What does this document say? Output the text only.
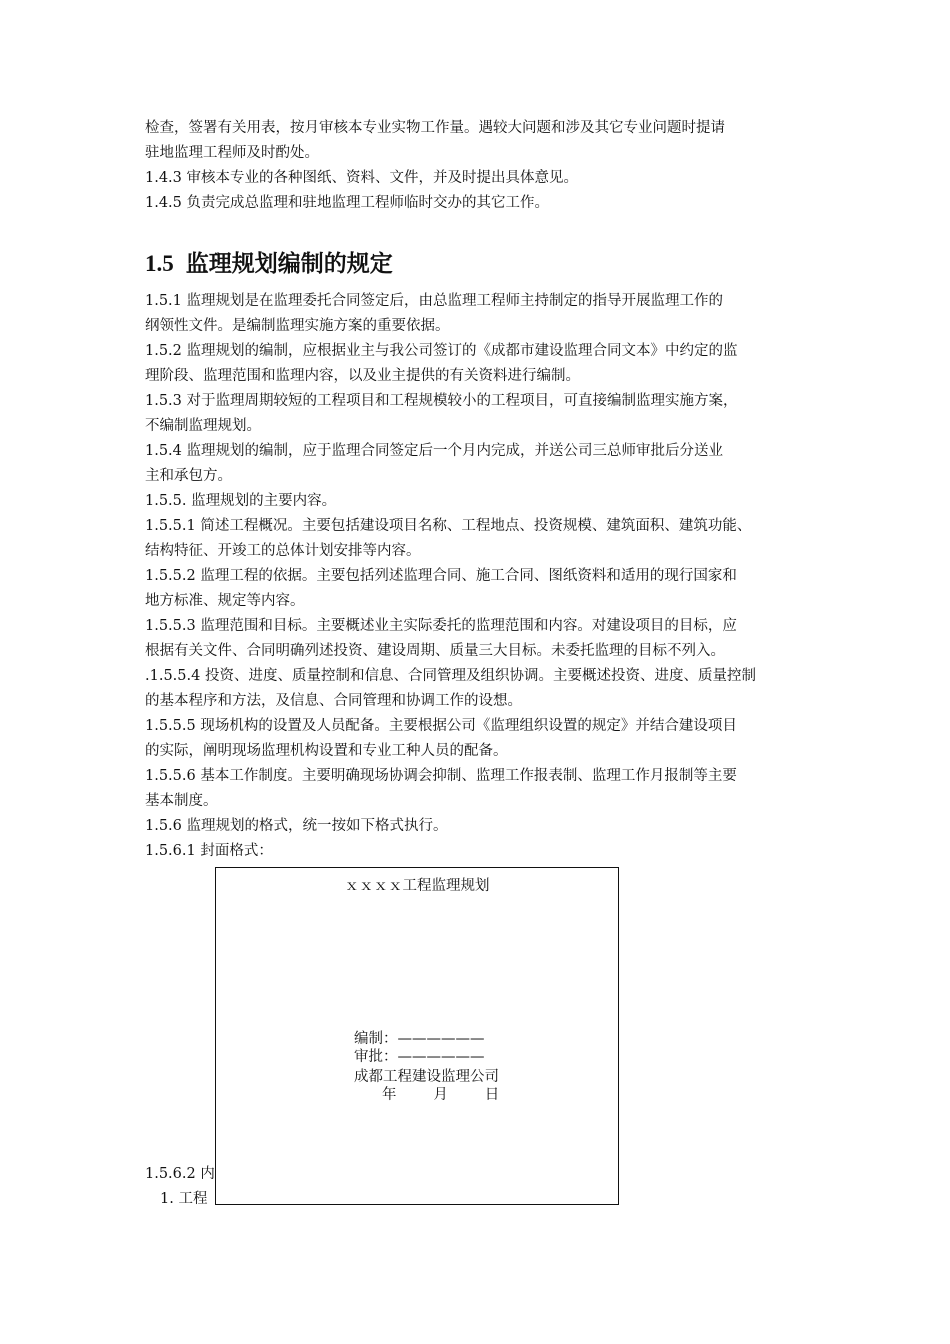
检查，签署有关用表，按月审核本专业实物工作量。遇较大问题和涉及其它专业问题时提请
驻地监理工程师及时酌处。
1.4.3 审核本专业的各种图纸、资料、文件，并及时提出具体意见。
1.4.5 负责完成总监理和驻地监理工程师临时交办的其它工作。
1.5 监理规划编制的规定
1.5.1 监理规划是在监理委托合同签定后，由总监理工程师主持制定的指导开展监理工作的
纲领性文件。是编制监理实施方案的重要依据。
1.5.2 监理规划的编制，应根据业主与我公司签订的《成都市建设监理合同文本》中约定的监
理阶段、监理范围和监理内容，以及业主提供的有关资料进行编制。
1.5.3 对于监理周期较短的工程项目和工程规模较小的工程项目，可直接编制监理实施方案，
不编制监理规划。
1.5.4 监理规划的编制，应于监理合同签定后一个月内完成，并送公司三总师审批后分送业
主和承包方。
1.5.5. 监理规划的主要内容。
1.5.5.1 简述工程概况。主要包括建设项目名称、工程地点、投资规模、建筑面积、建筑功能、
结构特征、开竣工的总体计划安排等内容。
1.5.5.2 监理工程的依据。主要包括列述监理合同、施工合同、图纸资料和适用的现行国家和
地方标准、规定等内容。
1.5.5.3 监理范围和目标。主要概述业主实际委托的监理范围和内容。对建设项目的目标，应
根据有关文件、合同明确列述投资、建设周期、质量三大目标。未委托监理的目标不列入。
.1.5.5.4 投资、进度、质量控制和信息、合同管理及组织协调。主要概述投资、进度、质量控制
的基本程序和方法，及信息、合同管理和协调工作的设想。
1.5.5.5 现场机构的设置及人员配备。主要根据公司《监理组织设置的规定》并结合建设项目
的实际，阐明现场监理机构设置和专业工种人员的配备。
1.5.5.6 基本工作制度。主要明确现场协调会抑制、监理工作报表制、监理工作月报制等主要
基本制度。
1.5.6 监理规划的格式，统一按如下格式执行。
1.5.6.1 封面格式：
1.5.6.2 内
1. 工程
ｘｘｘｘ工程监理规划
编制：——————
审批：——————
成都工程建设监理公司
年        月        日
